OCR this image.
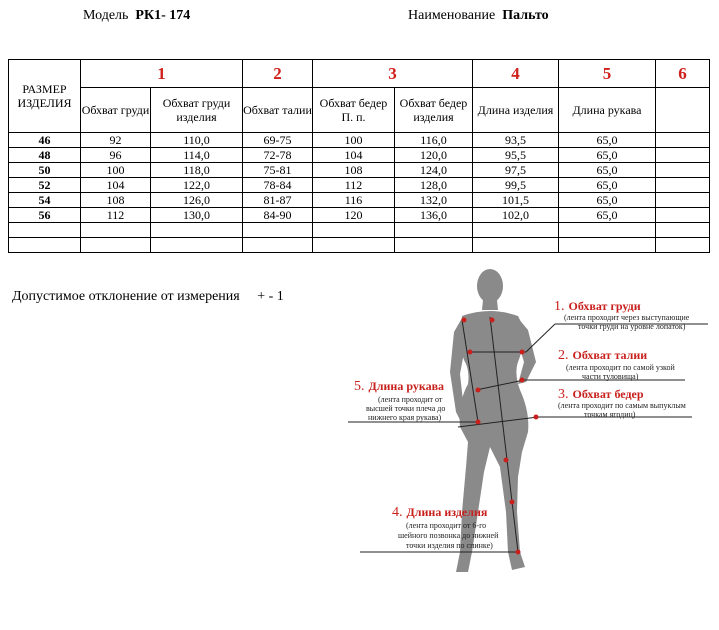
Модель РК1- 174	Наименование Пальто
РАЗМЕР ИЗДЕЛИЯ	1		2	3		4	5	6
	Обхват груди	Обхват груди изделия	Обхват талии	Обхват бедер П. п.	Обхват бедер изделия	Длина изделия	Длина рукава	
46	92	110,0	69-75	100	116,0	93,5	65,0	
48	96	114,0	72-78	104	120,0	95,5	65,0	
50	100	118,0	75-81	108	124,0	97,5	65,0	
52	104	122,0	78-84	112	128,0	99,5	65,0	
54	108	126,0	81-87	116	132,0	101,5	65,0	
56	112	130,0	84-90	120	136,0	102,0	65,0	

Допустимое отклонение от измерения + - 1
1. Обхват груди
(лента проходит через выступающие
точки груди на уровне лопаток)
2. Обхват талии
(лента проходит по самой узкой
части туловища)
3. Обхват бедер
(лента проходит по самым выпуклым
точкам ягодиц)
5. Длина рукава
(лента проходит от
высшей точки плеча до
нижнего края рукава)
4. Длина изделия
(лента проходит от 6-го
шейного позвонка до нижней
точки изделия по спинке)
